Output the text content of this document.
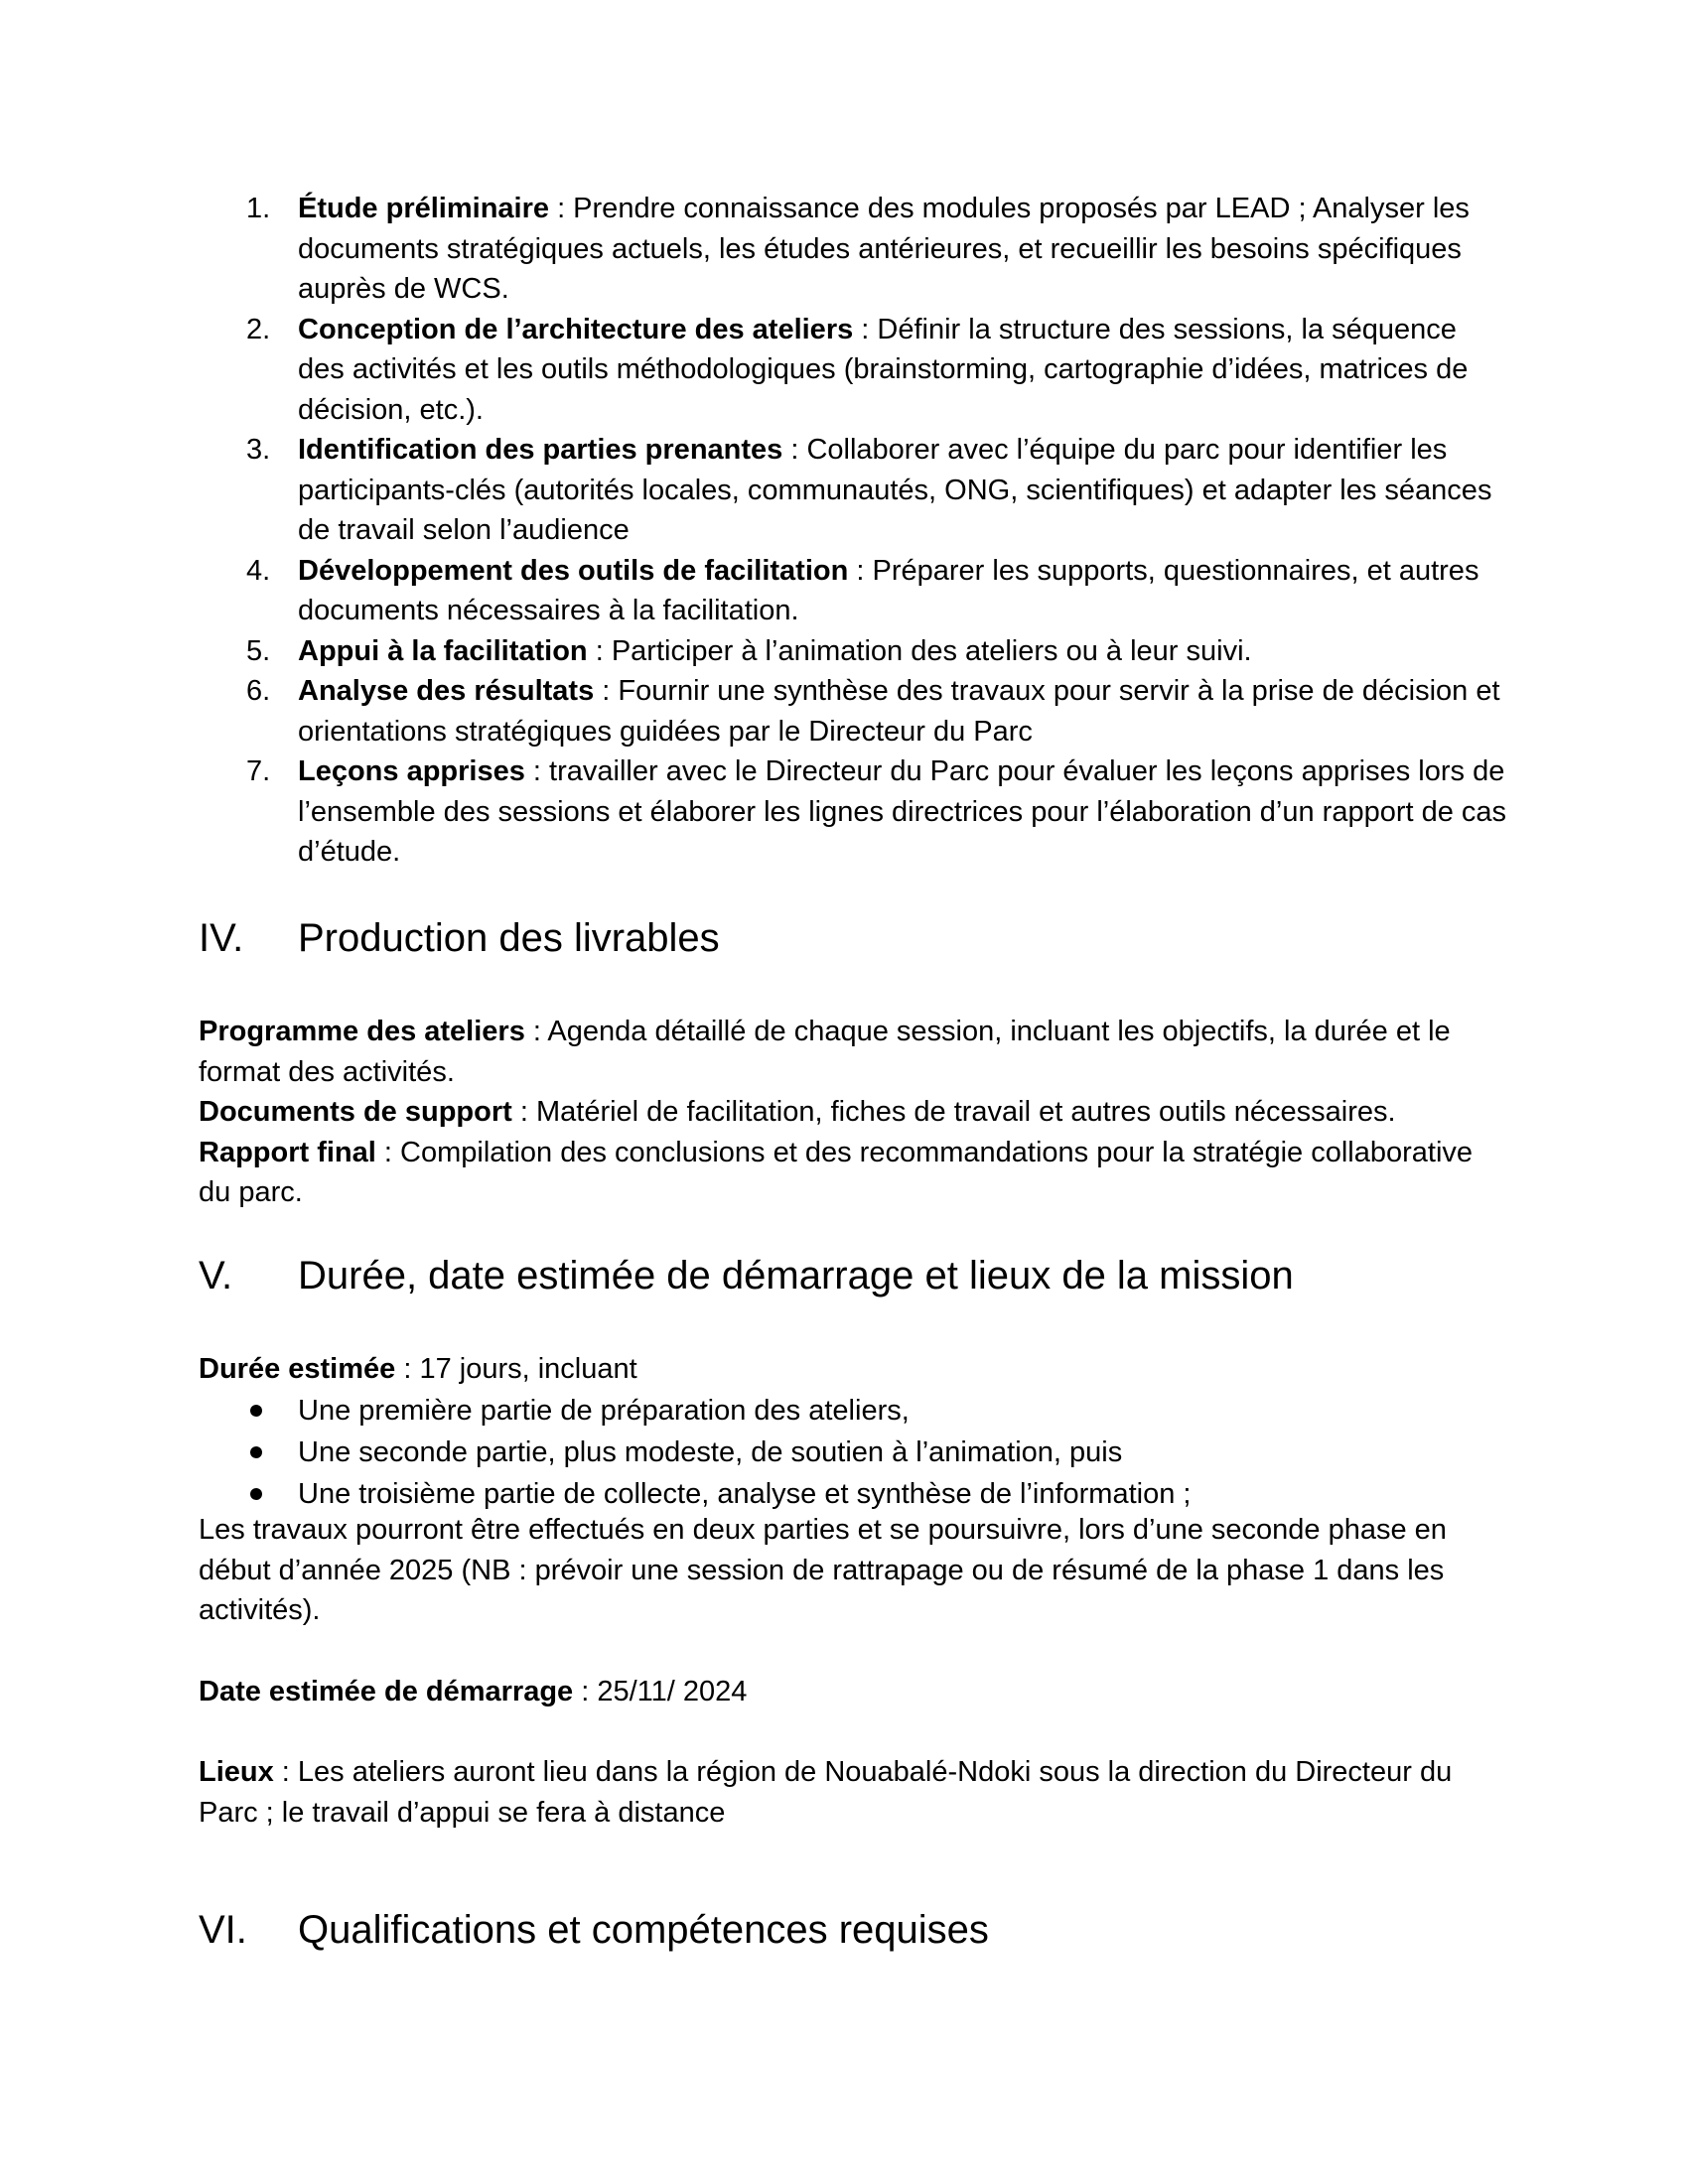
1. Étude préliminaire : Prendre connaissance des modules proposés par LEAD ; Analyser les documents stratégiques actuels, les études antérieures, et recueillir les besoins spécifiques auprès de WCS.
2. Conception de l’architecture des ateliers : Définir la structure des sessions, la séquence des activités et les outils méthodologiques (brainstorming, cartographie d’idées, matrices de décision, etc.).
3. Identification des parties prenantes : Collaborer avec l’équipe du parc pour identifier les participants-clés (autorités locales, communautés, ONG, scientifiques) et adapter les séances de travail selon l’audience
4. Développement des outils de facilitation : Préparer les supports, questionnaires, et autres documents nécessaires à la facilitation.
5. Appui à la facilitation : Participer à l’animation des ateliers ou à leur suivi.
6. Analyse des résultats : Fournir une synthèse des travaux pour servir à la prise de décision et orientations stratégiques guidées par le Directeur du Parc
7. Leçons apprises : travailler avec le Directeur du Parc pour évaluer les leçons apprises lors de l’ensemble des sessions et élaborer les lignes directrices pour l’élaboration d’un rapport de cas d’étude.
IV. Production des livrables
Programme des ateliers : Agenda détaillé de chaque session, incluant les objectifs, la durée et le format des activités.
Documents de support : Matériel de facilitation, fiches de travail et autres outils nécessaires.
Rapport final : Compilation des conclusions et des recommandations pour la stratégie collaborative du parc.
V. Durée, date estimée de démarrage et lieux de la mission
Durée estimée : 17 jours, incluant
Une première partie de préparation des ateliers,
Une seconde partie, plus modeste, de soutien à l’animation, puis
Une troisième partie de collecte, analyse et synthèse de l’information ;
Les travaux pourront être effectués en deux parties et se poursuivre, lors d’une seconde phase en début d’année 2025 (NB : prévoir une session de rattrapage ou de résumé de la phase 1 dans les activités).
Date estimée de démarrage : 25/11/ 2024
Lieux : Les ateliers auront lieu dans la région de Nouabalé-Ndoki sous la direction du Directeur du Parc ; le travail d’appui se fera à distance
VI. Qualifications et compétences requises
